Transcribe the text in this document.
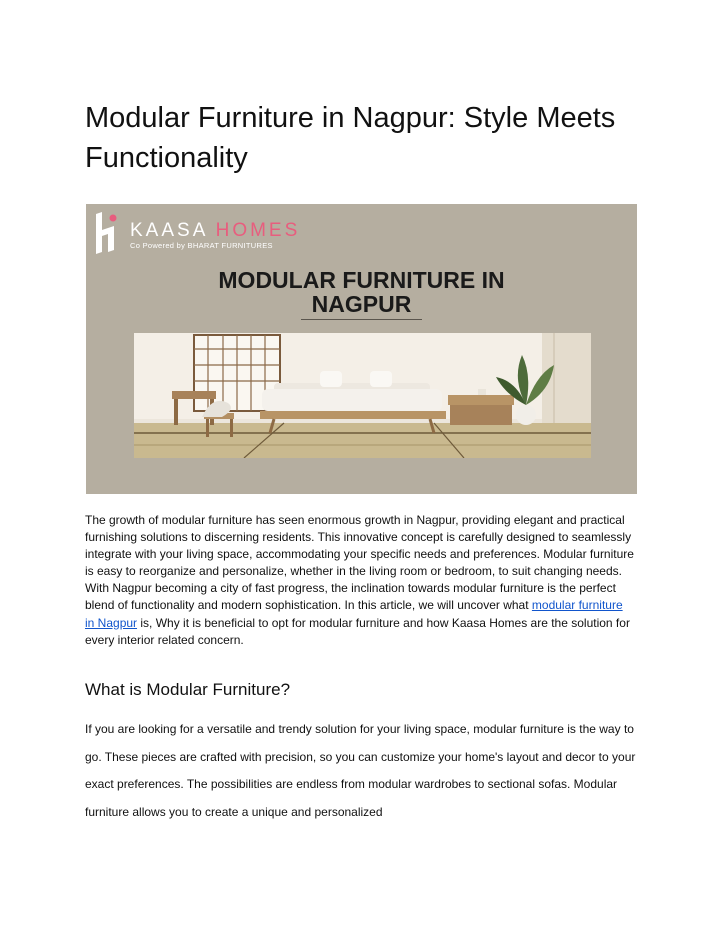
Modular Furniture in Nagpur: Style Meets Functionality
KAASA HOMES
Co Powered by BHARAT FURNITURES
MODULAR FURNITURE IN
NAGPUR

The growth of modular furniture has seen enormous growth in Nagpur, providing elegant and practical furnishing solutions to discerning residents. This innovative concept is carefully designed to seamlessly integrate with your living space, accommodating your specific needs and preferences. Modular furniture is easy to reorganize and personalize, whether in the living room or bedroom, to suit changing needs. With Nagpur becoming a city of fast progress, the inclination towards modular furniture is the perfect blend of functionality and modern sophistication. In this article, we will uncover what modular furniture in Nagpur is, Why it is beneficial to opt for modular furniture and how Kaasa Homes are the solution for every interior related concern.

What is Modular Furniture?

If you are looking for a versatile and trendy solution for your living space, modular furniture is the way to go. These pieces are crafted with precision, so you can customize your home's layout and decor to your exact preferences. The possibilities are endless from modular wardrobes to sectional sofas. Modular furniture allows you to create a unique and personalized
